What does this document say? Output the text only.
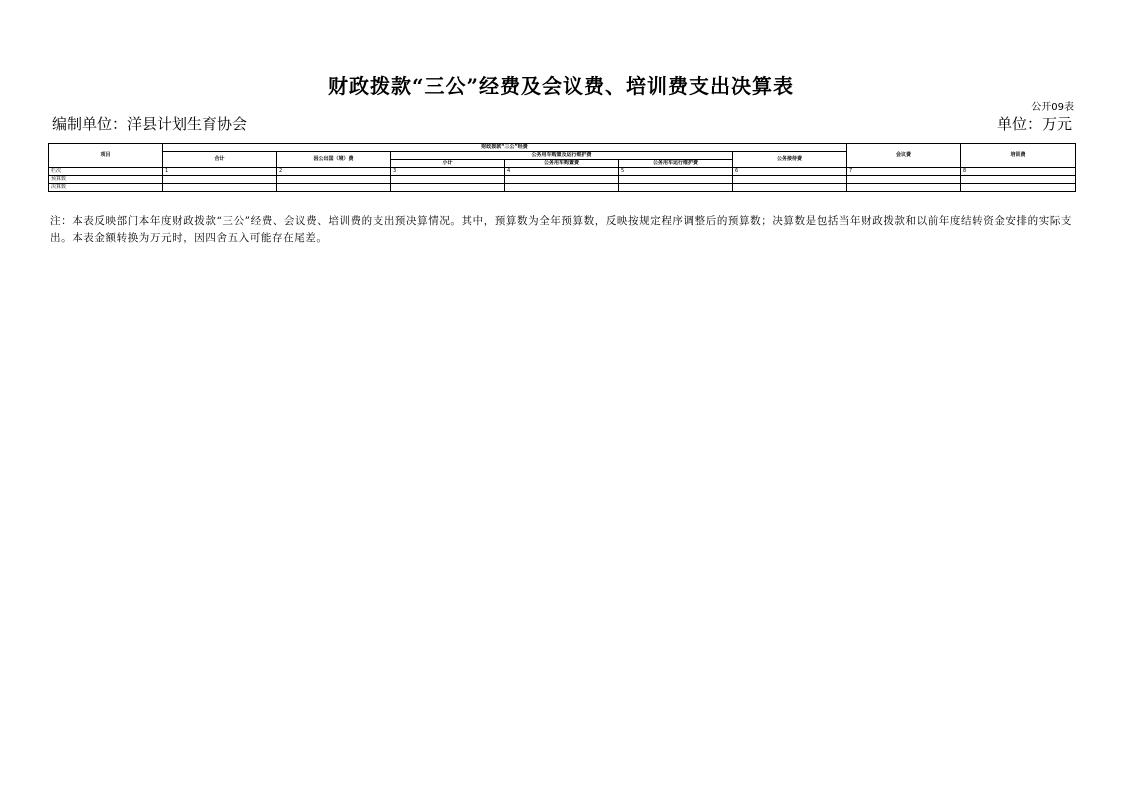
财政拨款“三公”经费及会议费、培训费支出决算表
公开09表
编制单位：洋县计划生育协会	单位：万元
项目	财政拨款“三公”经费						会议费	培训费
	合计	因公出国（境）费	公务用车购置及运行维护费			公务接待费		
			小计	公务用车购置费	公务用车运行维护费			
栏次	1	2	3	4	5	6	7	8
预算数								
决算数								
注：本表反映部门本年度财政拨款“三公”经费、会议费、培训费的支出预决算情况。其中，预算数为全年预算数，反映按规定程序调整后的预算数；决算数是包括当年财政拨款和以前年度结转资金安排的实际支出。本表金额转换为万元时，因四舍五入可能存在尾差。
